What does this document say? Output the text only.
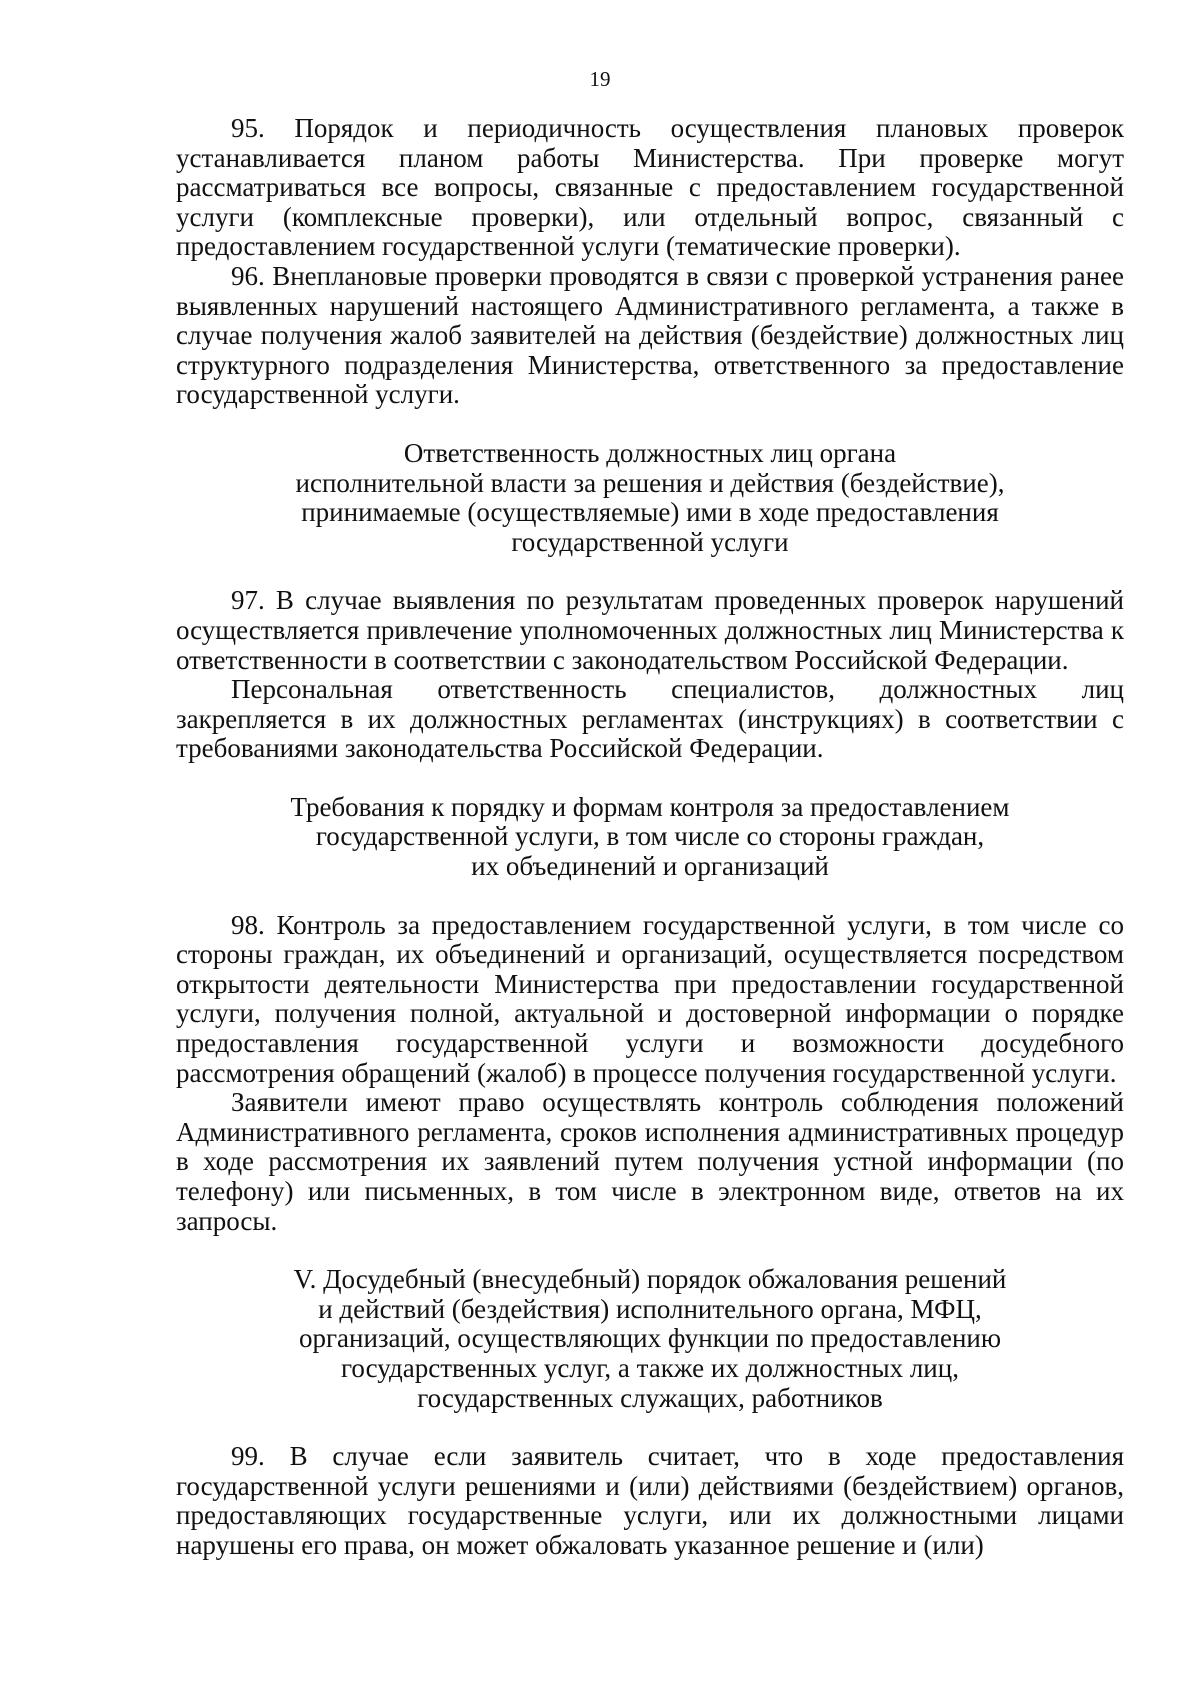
19

95. Порядок и периодичность осуществления плановых проверок устанавливается планом работы Министерства. При проверке могут рассматриваться все вопросы, связанные с предоставлением государственной услуги (комплексные проверки), или отдельный вопрос, связанный с предоставлением государственной услуги (тематические проверки).

96. Внеплановые проверки проводятся в связи с проверкой устранения ранее выявленных нарушений настоящего Административного регламента, а также в случае получения жалоб заявителей на действия (бездействие) должностных лиц структурного подразделения Министерства, ответственного за предоставление государственной услуги.

Ответственность должностных лиц органа
исполнительной власти за решения и действия (бездействие),
принимаемые (осуществляемые) ими в ходе предоставления
государственной услуги

97. В случае выявления по результатам проведенных проверок нарушений осуществляется привлечение уполномоченных должностных лиц Министерства к ответственности в соответствии с законодательством Российской Федерации.

Персональная ответственность специалистов, должностных лиц закрепляется в их должностных регламентах (инструкциях) в соответствии с требованиями законодательства Российской Федерации.

Требования к порядку и формам контроля за предоставлением
государственной услуги, в том числе со стороны граждан,
их объединений и организаций

98. Контроль за предоставлением государственной услуги, в том числе со стороны граждан, их объединений и организаций, осуществляется посредством открытости деятельности Министерства при предоставлении государственной услуги, получения полной, актуальной и достоверной информации о порядке предоставления государственной услуги и возможности досудебного рассмотрения обращений (жалоб) в процессе получения государственной услуги.

Заявители имеют право осуществлять контроль соблюдения положений Административного регламента, сроков исполнения административных процедур в ходе рассмотрения их заявлений путем получения устной информации (по телефону) или письменных, в том числе в электронном виде, ответов на их запросы.

V. Досудебный (внесудебный) порядок обжалования решений
и действий (бездействия) исполнительного органа, МФЦ,
организаций, осуществляющих функции по предоставлению
государственных услуг, а также их должностных лиц,
государственных служащих, работников

99. В случае если заявитель считает, что в ходе предоставления государственной услуги решениями и (или) действиями (бездействием) органов, предоставляющих государственные услуги, или их должностными лицами нарушены его права, он может обжаловать указанное решение и (или)
